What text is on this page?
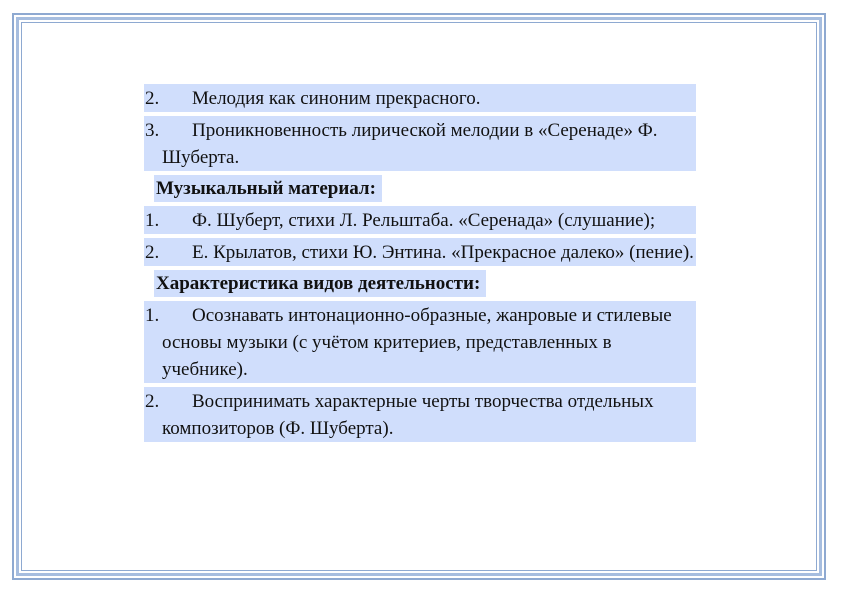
2.	Мелодия как синоним прекрасного.
3.	Проникновенность лирической мелодии в «Серенаде» Ф. Шуберта.
Музыкальный материал:
1.	Ф. Шуберт, стихи Л. Рельштаба. «Серенада» (слушание);
2.	Е. Крылатов, стихи Ю. Энтина. «Прекрасное далеко» (пение).
Характеристика видов деятельности:
1.	Осознавать интонационно-образные, жанровые и стилевые основы музыки (с учётом критериев, представленных в учебнике).
2.	Воспринимать характерные черты творчества отдельных композиторов (Ф. Шуберта).
